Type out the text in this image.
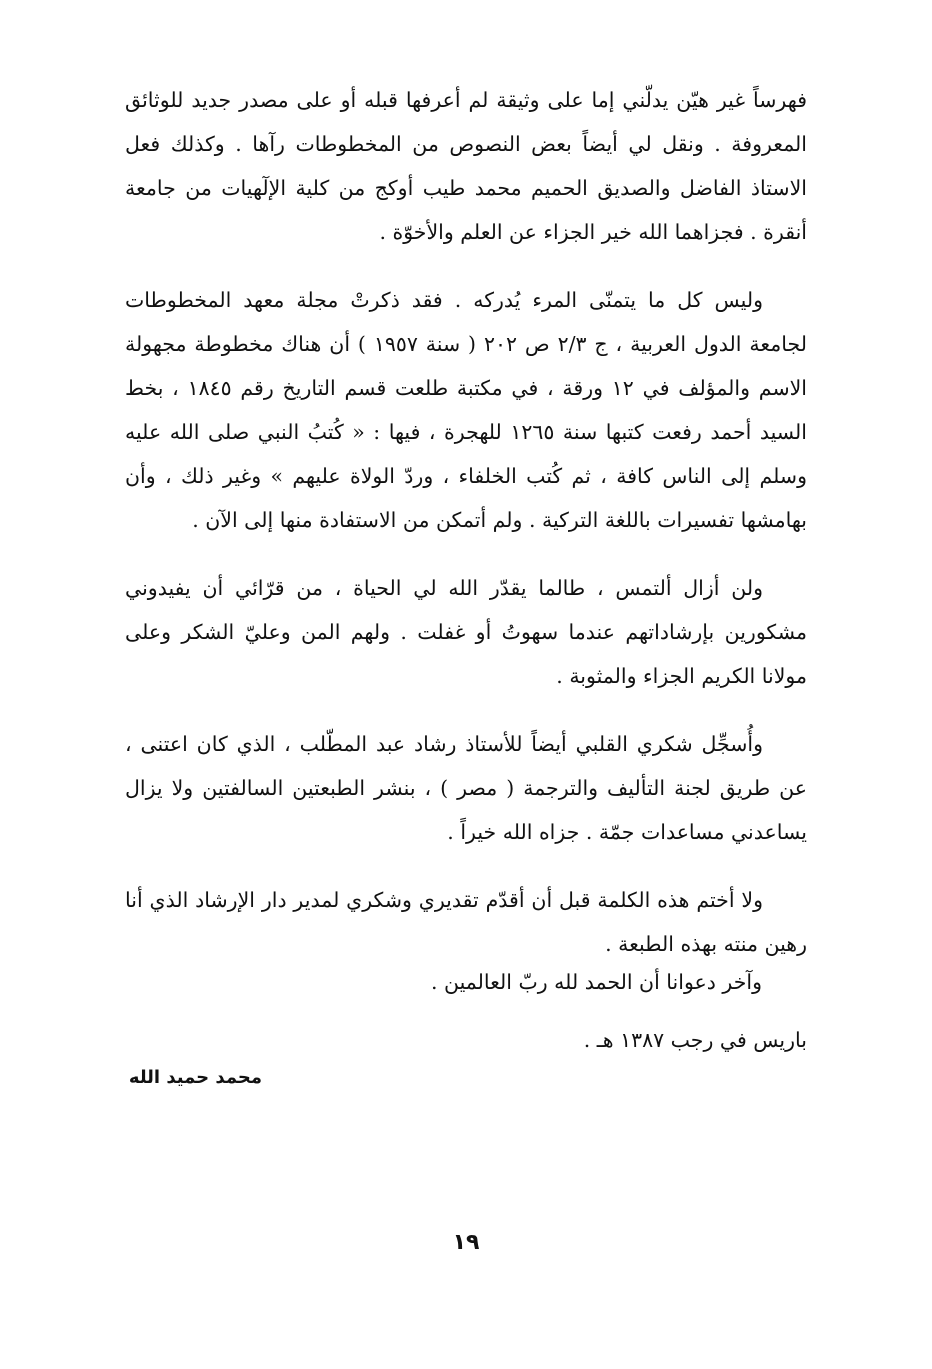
فهرساً غير هيّن يدلّني إما على وثيقة لم أعرفها قبله أو على مصدر جديد للوثائق المعروفة . ونقل لي أيضاً بعض النصوص من المخطوطات رآها . وكذلك فعل الاستاذ الفاضل والصديق الحميم محمد طيب أوكج من كلية الإلٓهيات من جامعة أنقرة . فجزاهما الله خير الجزاء عن العلم والأخوّة .

وليس كل ما يتمنّى المرء يُدركه . فقد ذكرتْ مجلة معهد المخطوطات لجامعة الدول العربية ، ج ٢/٣ ص ٢٠٢ ( سنة ١٩٥٧ ) أن هناك مخطوطة مجهولة الاسم والمؤلف في ١٢ ورقة ، في مكتبة طلعت قسم التاريخ رقم ١٨٤٥ ، بخط السيد أحمد رفعت كتبها سنة ١٢٦٥ للهجرة ، فيها : « كُتبُ النبي صلى الله عليه وسلم إلى الناس كافة ، ثم كُتب الخلفاء ، وردّ الولاة عليهم » وغير ذلك ، وأن بهامشها تفسيرات باللغة التركية . ولم أتمكن من الاستفادة منها إلى الآن .

ولن أزال ألتمس ، طالما يقدّر الله لي الحياة ، من قرّائي أن يفيدوني مشكورين بإرشاداتهم عندما سهوتُ أو غفلت . ولهم المن وعليّ الشكر وعلى مولانا الكريم الجزاء والمثوبة .

وأُسجِّل شكري القلبي أيضاً للأستاذ رشاد عبد المطّلب ، الذي كان اعتنى ، عن طريق لجنة التأليف والترجمة ( مصر ) ، بنشر الطبعتين السالفتين ولا يزال يساعدني مساعدات جمّة . جزاه الله خيراً .

ولا أختم هذه الكلمة قبل أن أقدّم تقديري وشكري لمدير دار الإرشاد الذي أنا رهين منته بهذه الطبعة .

وآخر دعوانا أن الحمد لله ربّ العالمين .
باريس في رجب ١٣٨٧ هـ .
محمد حميد الله
١٩
